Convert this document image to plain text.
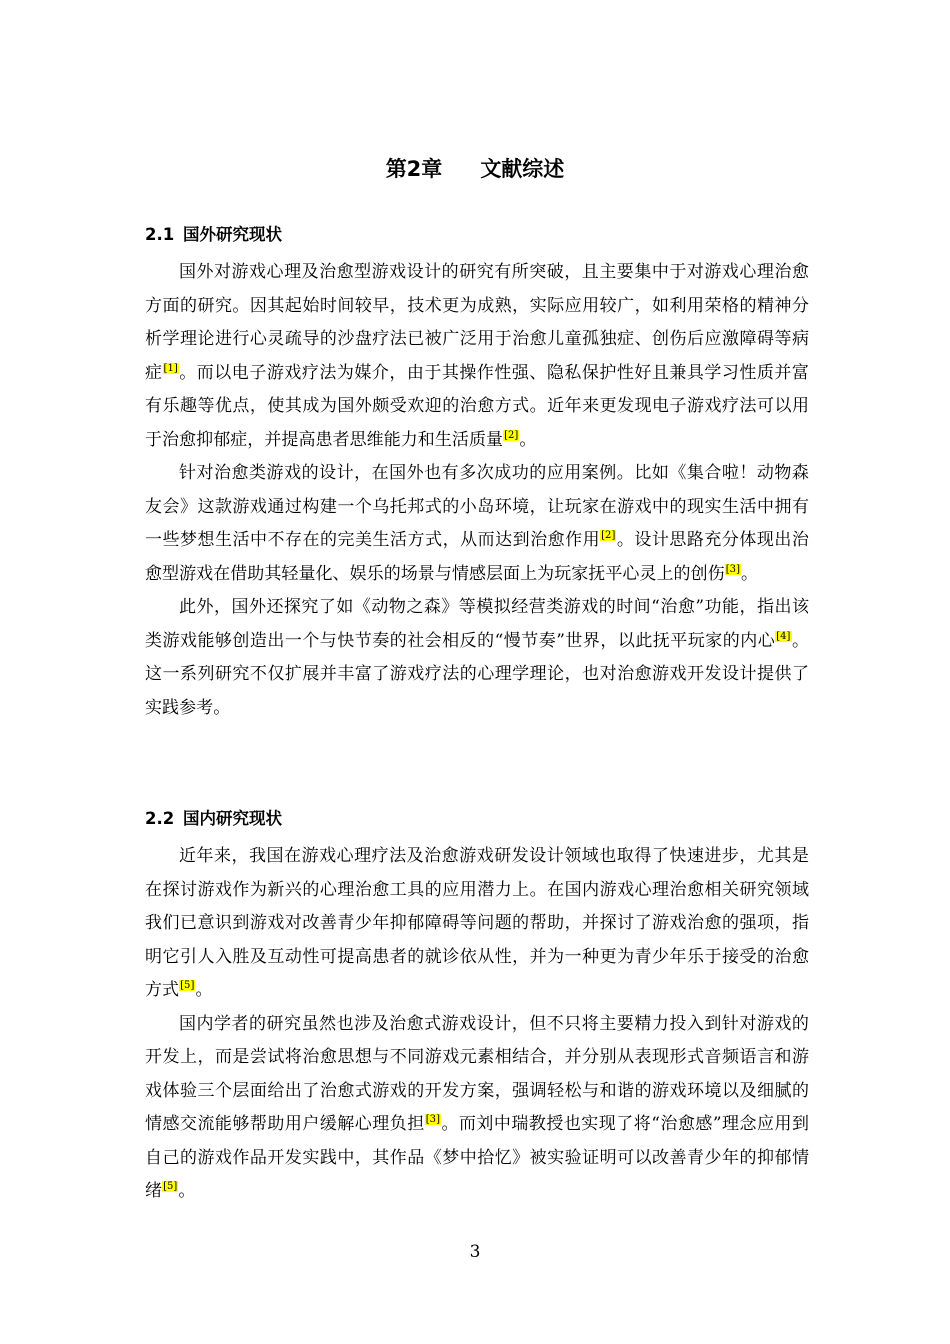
第2章 文献综述
2.1 国外研究现状

国外对游戏心理及治愈型游戏设计的研究有所突破，且主要集中于对游戏心理治愈方面的研究。因其起始时间较早，技术更为成熟，实际应用较广，如利用荣格的精神分析学理论进行心灵疏导的沙盘疗法已被广泛用于治愈儿童孤独症、创伤后应激障碍等病症[1]。而以电子游戏疗法为媒介，由于其操作性强、隐私保护性好且兼具学习性质并富有乐趣等优点，使其成为国外颇受欢迎的治愈方式。近年来更发现电子游戏疗法可以用于治愈抑郁症，并提高患者思维能力和生活质量[2]。

针对治愈类游戏的设计，在国外也有多次成功的应用案例。比如《集合啦！动物森友会》这款游戏通过构建一个乌托邦式的小岛环境，让玩家在游戏中的现实生活中拥有一些梦想生活中不存在的完美生活方式，从而达到治愈作用[2]。设计思路充分体现出治愈型游戏在借助其轻量化、娱乐的场景与情感层面上为玩家抚平心灵上的创伤[3]。

此外，国外还探究了如《动物之森》等模拟经营类游戏的时间“治愈”功能，指出该类游戏能够创造出一个与快节奏的社会相反的“慢节奏”世界，以此抚平玩家的内心[4]。这一系列研究不仅扩展并丰富了游戏疗法的心理学理论，也对治愈游戏开发设计提供了实践参考。

2.2 国内研究现状

近年来，我国在游戏心理疗法及治愈游戏研发设计领域也取得了快速进步，尤其是在探讨游戏作为新兴的心理治愈工具的应用潜力上。在国内游戏心理治愈相关研究领域我们已意识到游戏对改善青少年抑郁障碍等问题的帮助，并探讨了游戏治愈的强项，指明它引人入胜及互动性可提高患者的就诊依从性，并为一种更为青少年乐于接受的治愈方式[5]。

国内学者的研究虽然也涉及治愈式游戏设计，但不只将主要精力投入到针对游戏的开发上，而是尝试将治愈思想与不同游戏元素相结合，并分别从表现形式音频语言和游戏体验三个层面给出了治愈式游戏的开发方案，强调轻松与和谐的游戏环境以及细腻的情感交流能够帮助用户缓解心理负担[3]。而刘中瑞教授也实现了将“治愈感”理念应用到自己的游戏作品开发实践中，其作品《梦中拾忆》被实验证明可以改善青少年的抑郁情绪[5]。

3
